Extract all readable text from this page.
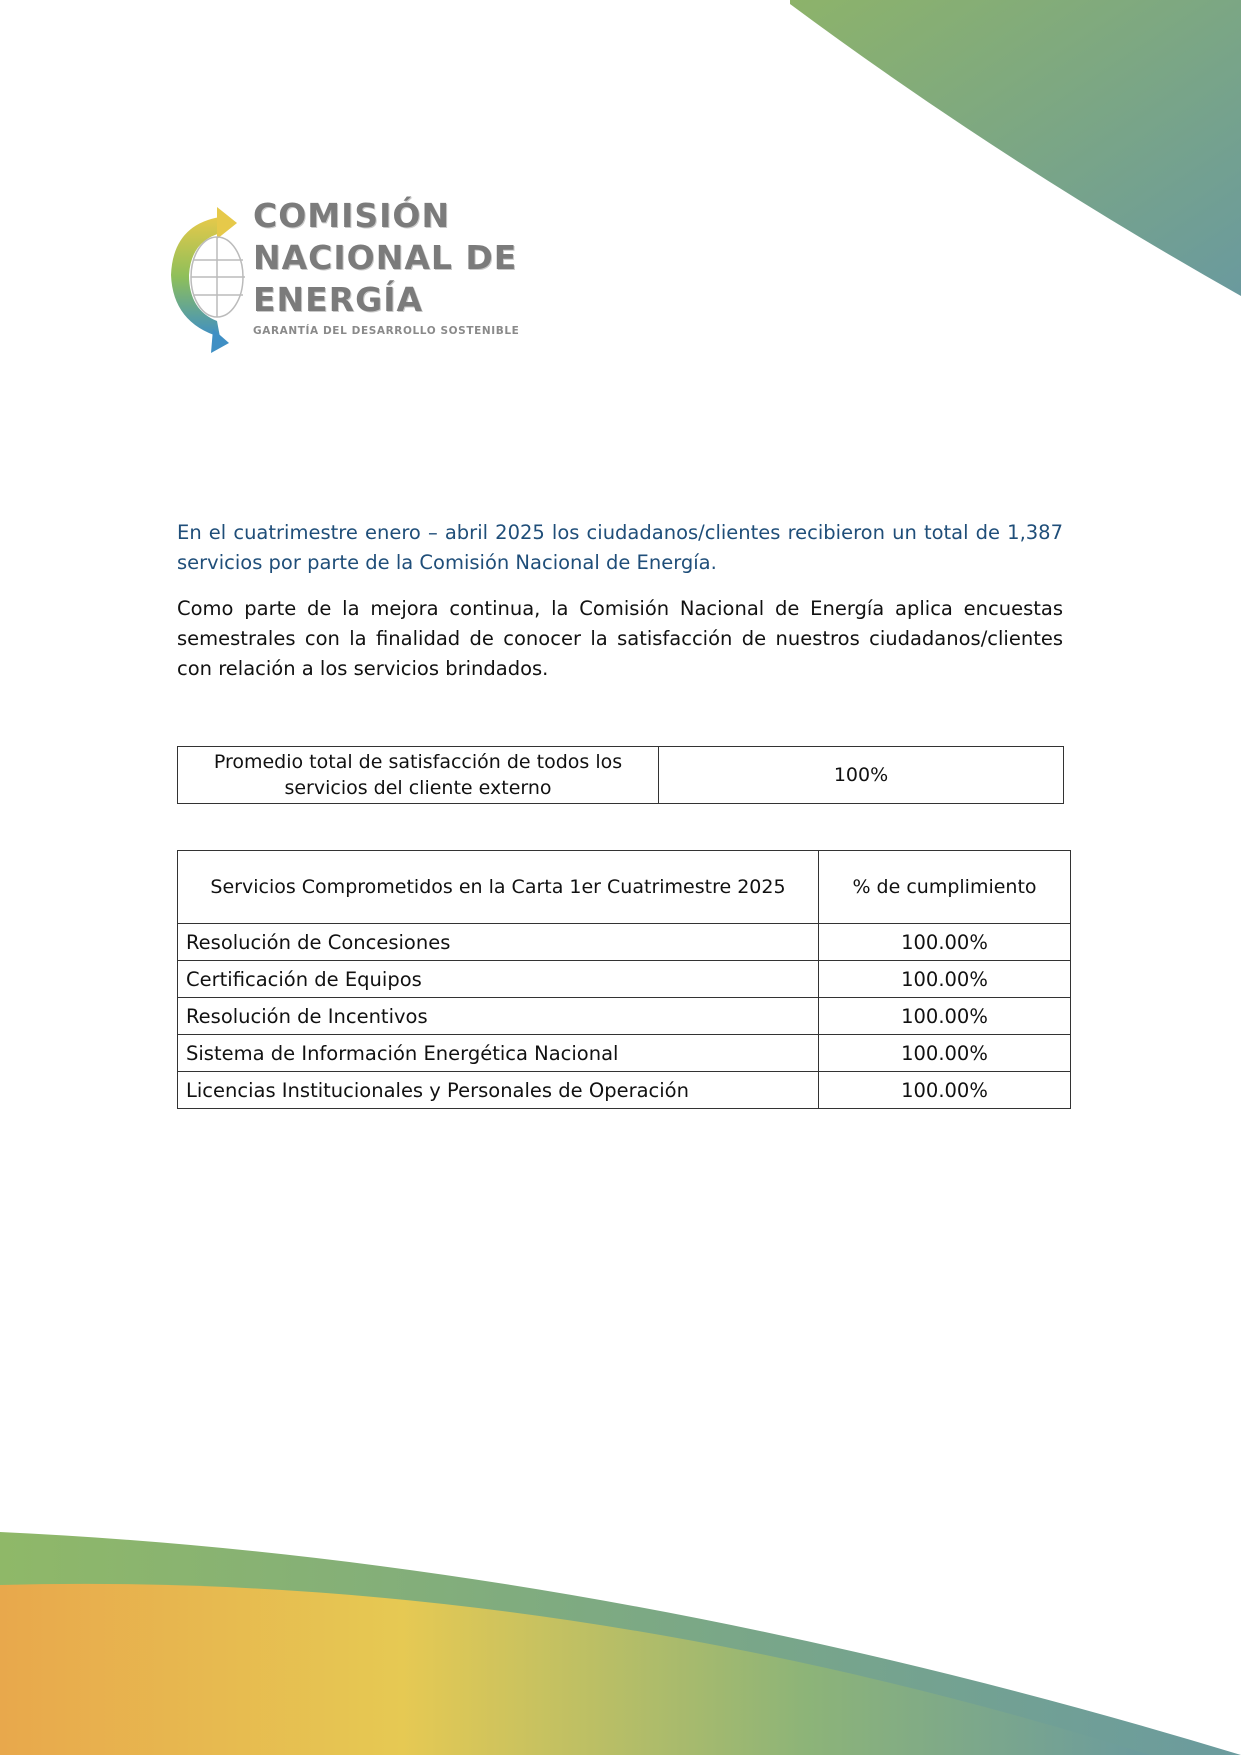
COMISIÓN
NACIONAL DE
ENERGÍA
GARANTÍA DEL DESARROLLO SOSTENIBLE
En el cuatrimestre enero – abril 2025 los ciudadanos/clientes recibieron un total de 1,387 servicios por parte de la Comisión Nacional de Energía.
Como parte de la mejora continua, la Comisión Nacional de Energía aplica encuestas semestrales con la finalidad de conocer la satisfacción de nuestros ciudadanos/clientes con relación a los servicios brindados.
Promedio total de satisfacción de todos los servicios del cliente externo	100%
Servicios Comprometidos en la Carta 1er Cuatrimestre 2025	% de cumplimiento
Resolución de Concesiones	100.00%
Certificación de Equipos	100.00%
Resolución de Incentivos	100.00%
Sistema de Información Energética Nacional	100.00%
Licencias Institucionales y Personales de Operación	100.00%
